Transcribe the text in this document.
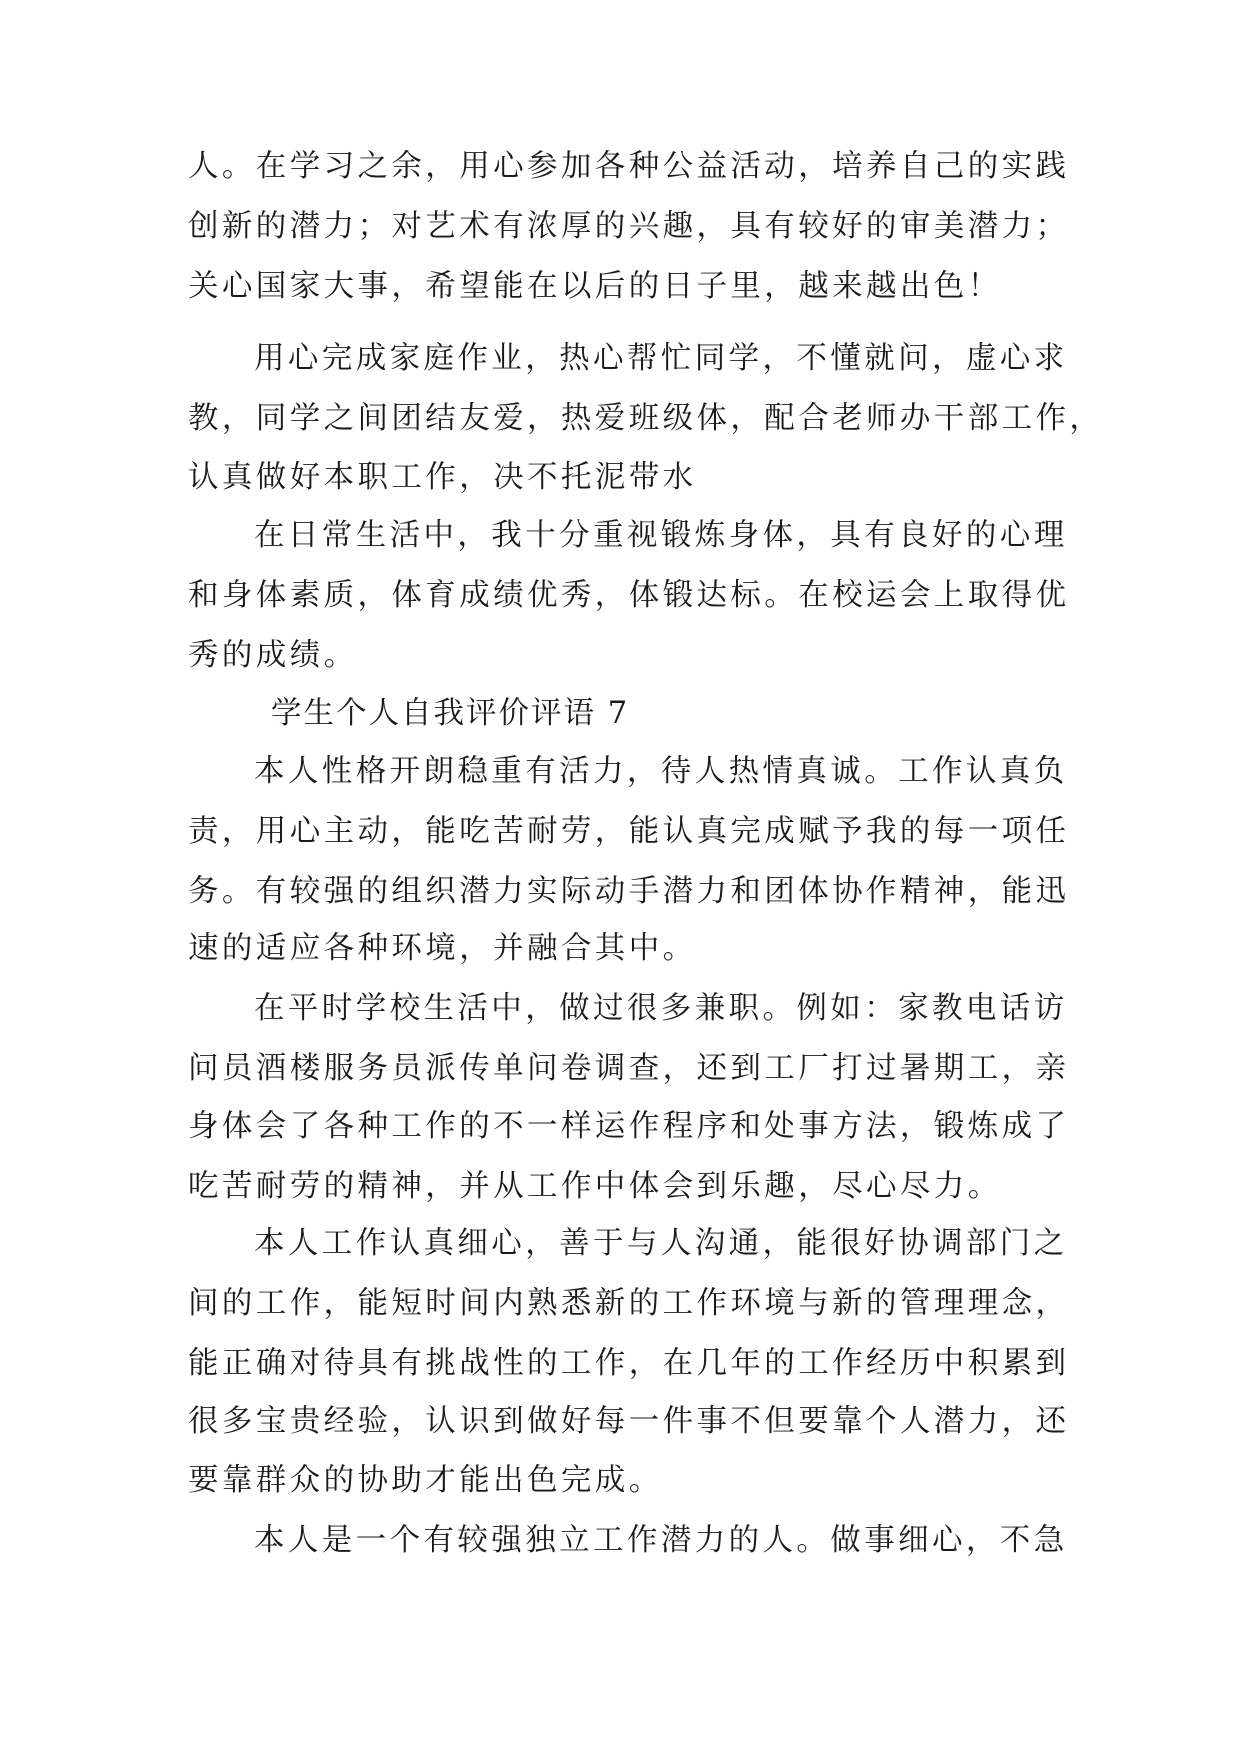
人。在学习之余，用心参加各种公益活动，培养自己的实践
创新的潜力；对艺术有浓厚的兴趣，具有较好的审美潜力；
关心国家大事，希望能在以后的日子里，越来越出色！
用心完成家庭作业，热心帮忙同学，不懂就问，虚心求
教，同学之间团结友爱，热爱班级体，配合老师办干部工作，
认真做好本职工作，决不托泥带水
在日常生活中，我十分重视锻炼身体，具有良好的心理
和身体素质，体育成绩优秀，体锻达标。在校运会上取得优
秀的成绩。
学生个人自我评价评语 7
本人性格开朗稳重有活力，待人热情真诚。工作认真负
责，用心主动，能吃苦耐劳，能认真完成赋予我的每一项任
务。有较强的组织潜力实际动手潜力和团体协作精神，能迅
速的适应各种环境，并融合其中。
在平时学校生活中，做过很多兼职。例如：家教电话访
问员酒楼服务员派传单问卷调查，还到工厂打过暑期工，亲
身体会了各种工作的不一样运作程序和处事方法，锻炼成了
吃苦耐劳的精神，并从工作中体会到乐趣，尽心尽力。
本人工作认真细心，善于与人沟通，能很好协调部门之
间的工作，能短时间内熟悉新的工作环境与新的管理理念，
能正确对待具有挑战性的工作，在几年的工作经历中积累到
很多宝贵经验，认识到做好每一件事不但要靠个人潜力，还
要靠群众的协助才能出色完成。
本人是一个有较强独立工作潜力的人。做事细心，不急
